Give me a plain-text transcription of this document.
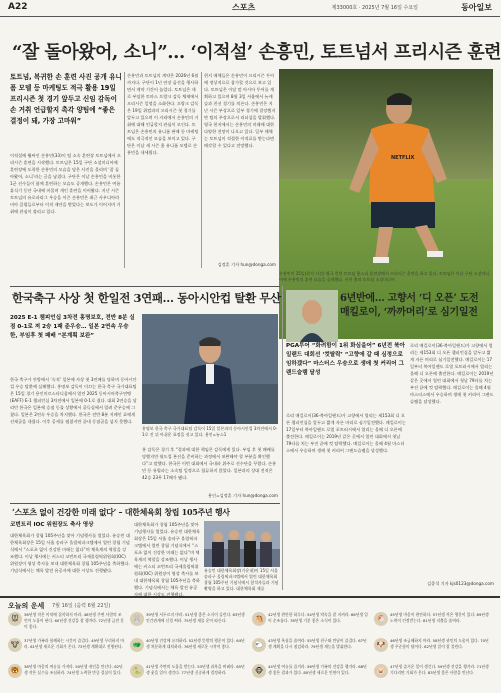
A22	스포츠	제33000호 · 2025년 7월 16일 수요일	동아일보
“잘 돌아왔어, 소니”… ‘이적설’ 손흥민, 토트넘서 프리시즌 훈련
토트넘, 복귀한 손 훈련 사진 공개 유니폼 모델 등 마케팅도 적극 활용 19일 프리시즌 첫 경기 앞두고 신임 감독이 손 거취 언급할지 촉각 양팀에 “좋은 결정이 돼, 가장 고마워”
이적설에 휩싸인 손흥민(33)이 팀 소속 훈련장 토트넘에서 프리시즌 훈련을 시작했다. 토트넘은 15일 구단 소셜미디어에 훈련장에 도착한 손흥민의 모습을 담은 사진을 올리며 ‘잘 돌아왔어, 소니’라는 글을 남겼다. 구단은 이날 손흥민을 비롯한 1군 선수들이 함께 훈련하는 모습도 공개했다. 손흥민은 여름 휴식기 동안 국내에 머물며 개인 훈련을 이어왔다. 지난 시즌 토트넘의 유로파리그 우승을 이끈 손흥민은 최근 사우디아라비아 클럽들로부터 이적 제안을 받았다는 보도가 이어지며 거취에 관심이 쏠리고 있다.
손흥민과 토트넘의 계약은 2026년 6월까지다. 구단이 1년 연장 옵션을 행사하면서 계약 기간이 늘었다. 토트넘은 새로 부임한 토마스 프랑크 감독 체제에서 프리시즌 일정을 소화한다. 프랑크 감독은 19일 위컴과의 프리시즌 첫 경기를 앞두고 있으며 이 자리에서 손흥민의 거취에 대해 언급할지 관심이 모인다. 토트넘은 손흥민의 유니폼 판매 등 마케팅에도 적극적인 모습을 보이고 있다. 구단은 이날 새 시즌 홈 유니폼 모델로 손흥민을 내세웠다.
현지 매체들은 손흥민이 프리시즌 투어에 정상적으로 참가할 것으로 보고 있다. 토트넘은 이달 말 아시아 투어를 계획하고 있으며 8월 3일 서울에서 뉴캐슬과 친선 경기를 치른다. 손흥민은 지난 시즌 부상으로 일부 경기에 결장했지만 팀의 주장으로서 리더십을 발휘했다. 영국 현지에서는 손흥민의 미래에 대한 다양한 전망이 나오고 있다. 일부 매체는 토트넘이 적절한 이적료를 받는다면 매각할 수 있다고 전망했다.
김정훈 기자 hun@donga.com
NETFLIX
손흥민이 15일(현지 시간) 영국 런던 토트넘 훗스퍼 훈련장에서 프리시즌 훈련을 하고 있다. 토트넘은 이날 구단 소셜미디어에 손흥민의 훈련 모습을 공개했다. 사진 출처 토트넘 소셜미디어
한국축구 사상 첫 한일전 3연패… 동아시안컵 탈환 무산
2025 E-1 챔피언십 3차전 홍명보호, 전반 8분 실점 0-1로 져 2승 1패 준우승… 일본 2연속 우승 한, 부임후 첫 패배 “본계획 보완”
한국 축구가 안방에서 ‘숙적’ 일본에 사상 첫 3연패를 당하며 동아시안컵 우승 탈환에 실패했다. 홍명보 감독이 이끄는 한국 축구 국가대표팀은 15일 경기 용인미르스타디움에서 열린 2025 동아시아축구연맹(EAFF) E-1 챔피언십 3차전에서 일본에 0-1로 졌다. 대회 2연승을 달리던 한국은 일본에 승점 동률 상황에서 골득실에서 밀려 준우승에 그쳤다. 일본은 2연속 우승을 차지했다. 한국은 전반 8분 저메인 료에게 선제골을 내줬다. 이후 공세를 펼쳤지만 끝내 동점골을 넣지 못했다.
홍명보 한국 축구 국가대표팀 감독이 15일 일본과의 동아시안컵 3차전에서 0-1로 진 뒤 아쉬운 표정을 짓고 있다. 용인=뉴스1
홍 감독은 경기 후 “결과에 대한 책임은 감독에게 있다. 부임 후 첫 패배를 당했지만 월드컵 본선을 준비하는 과정에서 보완해야 할 부분을 확인했다”고 말했다. 한국은 이번 대회에서 국내파 위주로 선수단을 꾸렸다. 손흥민 등 유럽파는 소속팀 일정으로 합류하지 않았다. 일본과의 상대 전적은 42승 23무 17패가 됐다.
용인=김정훈 기자 hun@donga.com
6년반에… 고향서 ‘디 오픈’ 도전 매킬로이, ‘까까머리’로 심기일전
PGA투어 “화려함이 1위 화심을어” 6년전 북아일랜드 대회선 ‘컷탈락’ “고향에 갈 때 심정으로 임하겠다” 마스터스 우승으로 생애 첫 커리어 그랜드슬램 달성
로리 매킬로이(36·북아일랜드)가 고향에서 열리는 제153회 디 오픈 챔피언십을 앞두고 짧게 자른 머리로 심기일전했다. 매킬로이는 17일부터 북아일랜드 로열 포트러시에서 열리는 올해 디 오픈에 출전한다. 매킬로이는 2019년 같은 곳에서 열린 대회에서 첫날 79타를 치는 부진 끝에 컷 탈락했다. 매킬로이는 올해 4월 마스터스에서 우승하며 생애 첫 커리어 그랜드슬램을 달성했다.
로리 매킬로이(36·북아일랜드)가 고향에서 열리는 제153회 디 오픈 챔피언십을 앞두고 짧게 자른 머리로 심기일전했다. 매킬로이는 17일부터 북아일랜드 로열 포트러시에서 열리는 올해 디 오픈에 출전한다. 매킬로이는 2019년 같은 곳에서 열린 대회에서 첫날 79타를 치는 부진 끝에 컷 탈락했다. 매킬로이는 올해 4월 마스터스에서 우승하며 생애 첫 커리어 그랜드슬램을 달성했다.
김종석 기자 kjs0123@donga.com
‘스포츠 없이 건강한 미래 없다’ – 대한체육회 창립 105주년 행사
코번트리 IOC 위원장도 축사 영상
대한체육회가 창립 105주년을 맞아 기념행사를 열었다. 유승민 대한체육회장은 15일 서울 송파구 올림픽파크텔에서 열린 창립 기념식에서 “스포츠 없이 건강한 미래는 없다”며 체육계의 역할을 강조했다. 이날 행사에는 커스티 코번트리 국제올림픽위원회(IOC) 위원장이 영상 축사를 보내 대한체육회 창립 105주년을 축하했다. 기념식에서는 체육 발전 유공자에 대한 시상도 진행됐다.
대한체육회가 창립 105주년을 맞아 기념행사를 열었다. 유승민 대한체육회장은 15일 서울 송파구 올림픽파크텔에서 열린 창립 기념식에서 “스포츠 없이 건강한 미래는 없다”며 체육계의 역할을 강조했다. 이날 행사에는 커스티 코번트리 국제올림픽위원회(IOC) 위원장이 영상 축사를 보내 대한체육회 창립 105주년을 축하했다. 기념식에서는 체육 발전 유공자에 대한 시상도 진행됐다.
유승민 대한체육회장(가운데)이 15일 서울 송파구 올림픽파크텔에서 열린 대한체육회 창립 105주년 기념식에서 참석자들과 기념촬영을 하고 있다. 대한체육회 제공
오늘의 운세 7월 16일 (음력 6월 22일)
🐭
36년생 작은 이익에 집착하지 마라. 48년생 주변 사람의 조언이 도움이 된다. 60년생 건강을 잘 챙겨라. 72년생 금전 운이 좋다.
🐮
37년생 가족과 함께하는 시간이 즐겁다. 49년생 무리하지 마라. 61년생 새로운 기회가 온다. 73년생 계획대로 진행된다.
🐯
38년생 마음의 여유를 가져라. 50년생 귀인을 만난다. 62년생 작은 실수를 조심하라. 74년생 노력한 만큼 결실이 있다.
🐰
39년생 서두르지 마라. 51년생 좋은 소식이 들린다. 63년생 인간관계에 신경 써라. 75년생 재물 운이 따른다.
🐲
40년생 건강에 유의하라. 52년생 뜻밖의 행운이 있다. 64년생 차분하게 대처하라. 76년생 새로운 시작이 좋다.
🐍
41년생 주변의 도움을 받는다. 53년생 과욕을 버려라. 65년생 웃을 일이 생긴다. 77년생 신중하게 결정하라.
🐴
42년생 편안한 하루다. 54년생 약속을 잘 지켜라. 66년생 일이 순조롭다. 78년생 기분 좋은 소식이 있다.
🐑
43년생 욕심을 줄여라. 55년생 친구와 만남이 즐겁다. 67년생 계획을 다시 점검하라. 79년생 재능을 발휘한다.
🐵
44년생 여유를 즐겨라. 56년생 가족의 건강을 챙겨라. 68년생 좋은 결과가 있다. 80년생 새로운 인연이 있다.
🐔
45년생 마음이 편안하다. 57년생 작은 행운이 있다. 69년생 노력이 인정받는다. 81년생 지출을 줄여라.
🐶
46년생 조급해하지 마라. 58년생 귀인의 도움이 있다. 70년생 꾸준함이 답이다. 82년생 일이 잘 풀린다.
🐷
47년생 즐거운 일이 생긴다. 59년생 건강을 챙겨라. 71년생 기다리면 기회가 온다. 83년생 좋은 사람을 만난다.
